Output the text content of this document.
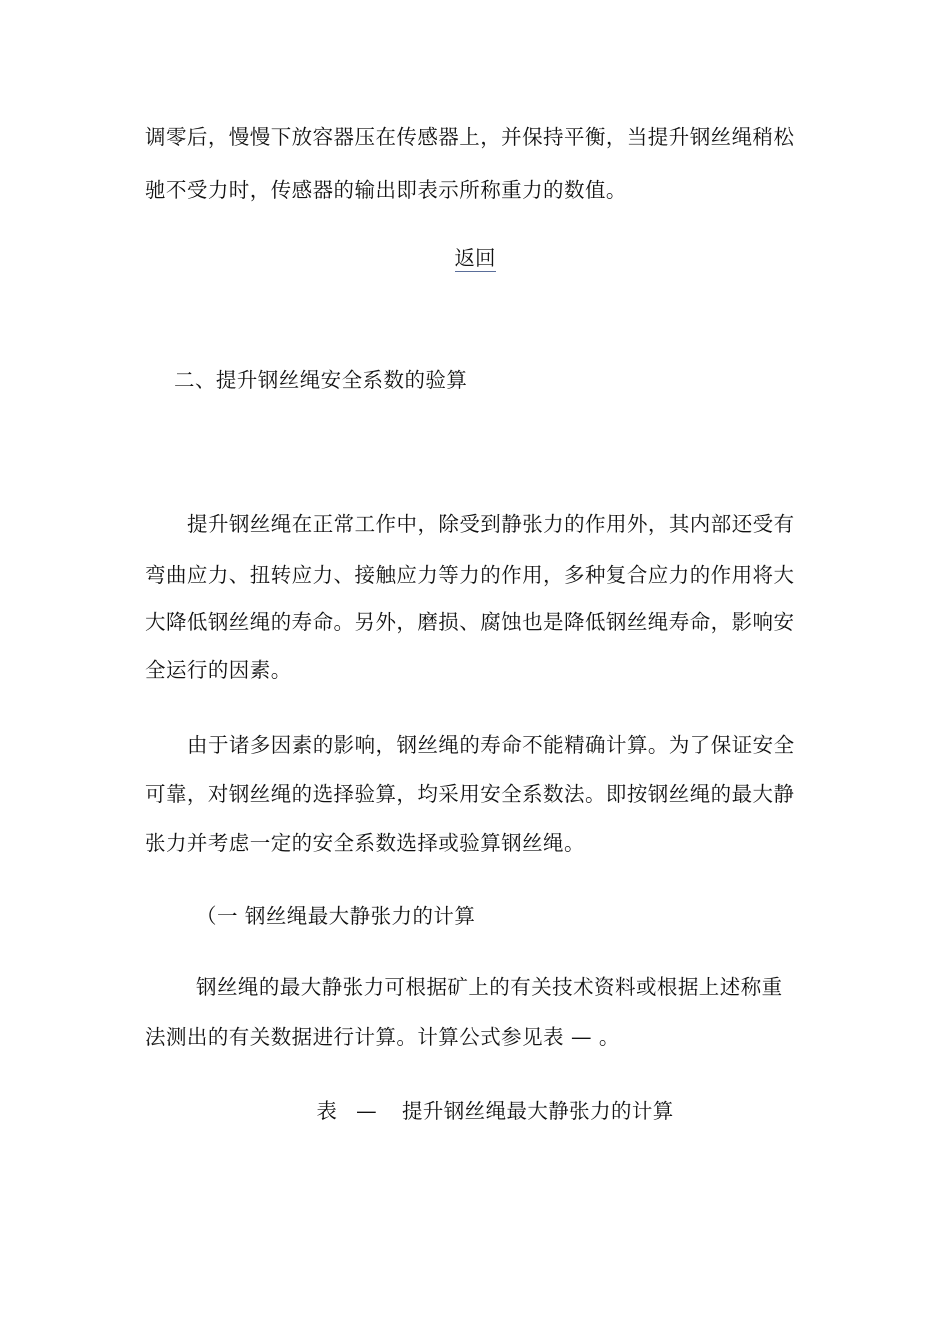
调零后，慢慢下放容器压在传感器上，并保持平衡，当提升钢丝绳稍松
驰不受力时，传感器的输出即表示所称重力的数值。
返回
二、提升钢丝绳安全系数的验算
提升钢丝绳在正常工作中，除受到静张力的作用外，其内部还受有
弯曲应力、扭转应力、接触应力等力的作用，多种复合应力的作用将大
大降低钢丝绳的寿命。另外，磨损、腐蚀也是降低钢丝绳寿命，影响安
全运行的因素。
由于诸多因素的影响，钢丝绳的寿命不能精确计算。为了保证安全
可靠，对钢丝绳的选择验算，均采用安全系数法。即按钢丝绳的最大静
张力并考虑一定的安全系数选择或验算钢丝绳。
（一 钢丝绳最大静张力的计算
钢丝绳的最大静张力可根据矿上的有关技术资料或根据上述称重
法测出的有关数据进行计算。计算公式参见表 — 。
表 — 提升钢丝绳最大静张力的计算
